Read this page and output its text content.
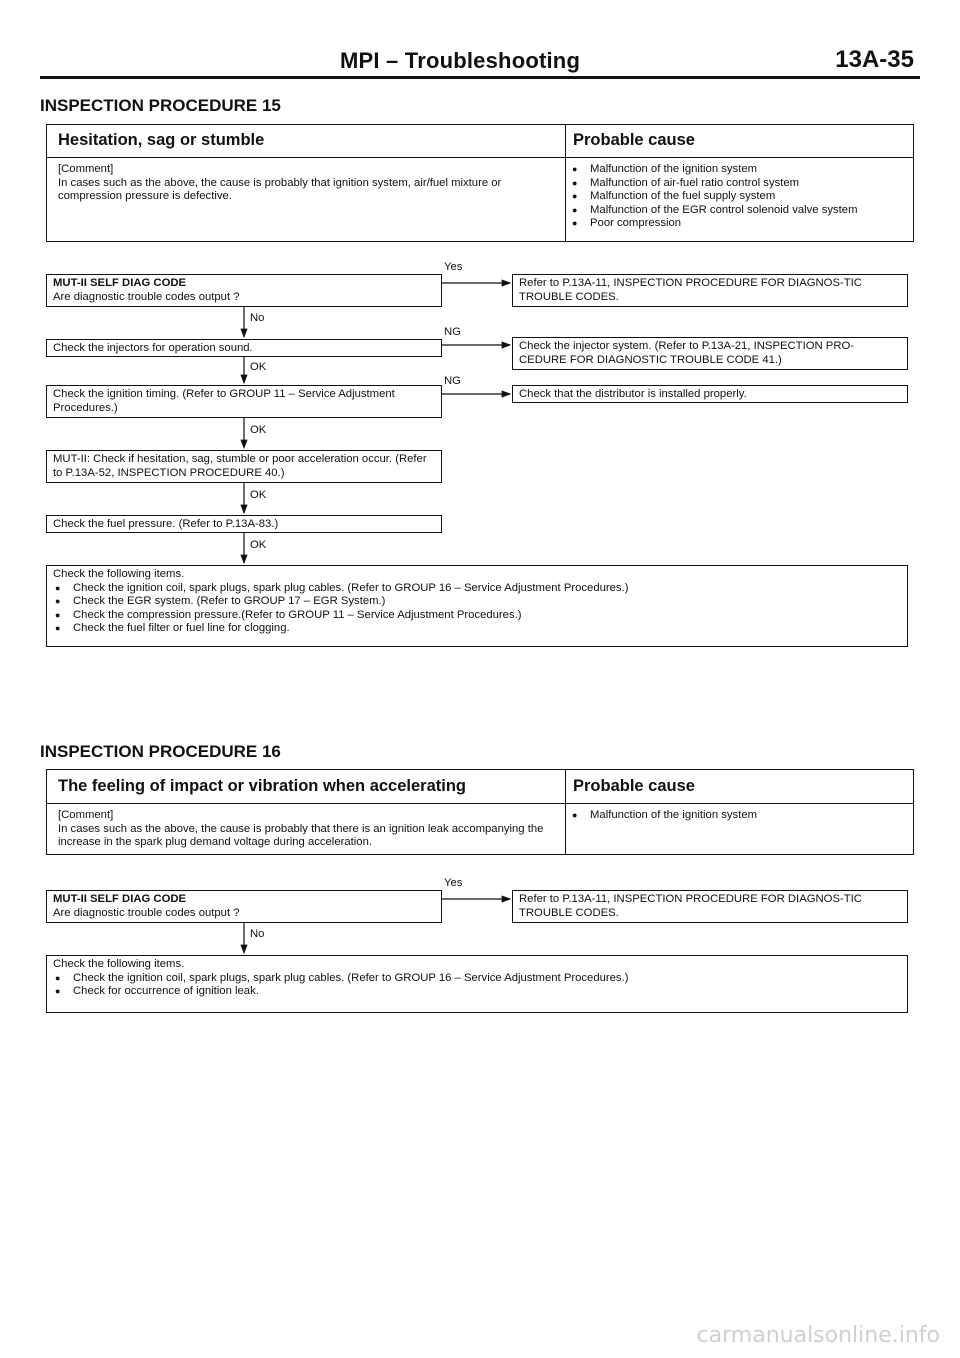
MPI – Troubleshooting	13A-35
INSPECTION PROCEDURE 15
Hesitation, sag or stumble	Probable cause
[Comment]
In cases such as the above, the cause is probably that ignition system, air/fuel mixture or compression pressure is defective.
● Malfunction of the ignition system
● Malfunction of air-fuel ratio control system
● Malfunction of the fuel supply system
● Malfunction of the EGR control solenoid valve system
● Poor compression
MUT-II SELF DIAG CODE
Are diagnostic trouble codes output ?
Refer to P.13A-11, INSPECTION PROCEDURE FOR DIAGNOS-TIC TROUBLE CODES.
Check the injectors for operation sound.	Check the injector system. (Refer to P.13A-21, INSPECTION PRO-CEDURE FOR DIAGNOSTIC TROUBLE CODE 41.)
Check the ignition timing. (Refer to GROUP 11 – Service Adjustment Procedures.)
Check that the distributor is installed properly.
MUT-II: Check if hesitation, sag, stumble or poor acceleration occur. (Refer to P.13A-52, INSPECTION PROCEDURE 40.)
Check the fuel pressure. (Refer to P.13A-83.)
Check the following items.
● Check the ignition coil, spark plugs, spark plug cables. (Refer to GROUP 16 – Service Adjustment Procedures.)
● Check the EGR system. (Refer to GROUP 17 – EGR System.)
● Check the compression pressure.(Refer to GROUP 11 – Service Adjustment Procedures.)
● Check the fuel filter or fuel line for clogging.
Yes
No
NG
OK
NG
OK
OK
OK
INSPECTION PROCEDURE 16
The feeling of impact or vibration when accelerating	Probable cause
[Comment]
In cases such as the above, the cause is probably that there is an ignition leak accompanying the increase in the spark plug demand voltage during acceleration.
● Malfunction of the ignition system
MUT-II SELF DIAG CODE
Are diagnostic trouble codes output ?
Refer to P.13A-11, INSPECTION PROCEDURE FOR DIAGNOS-TIC TROUBLE CODES.
Check the following items.
● Check the ignition coil, spark plugs, spark plug cables. (Refer to GROUP 16 – Service Adjustment Procedures.)
● Check for occurrence of ignition leak.
Yes
No
carmanualsonline.info
